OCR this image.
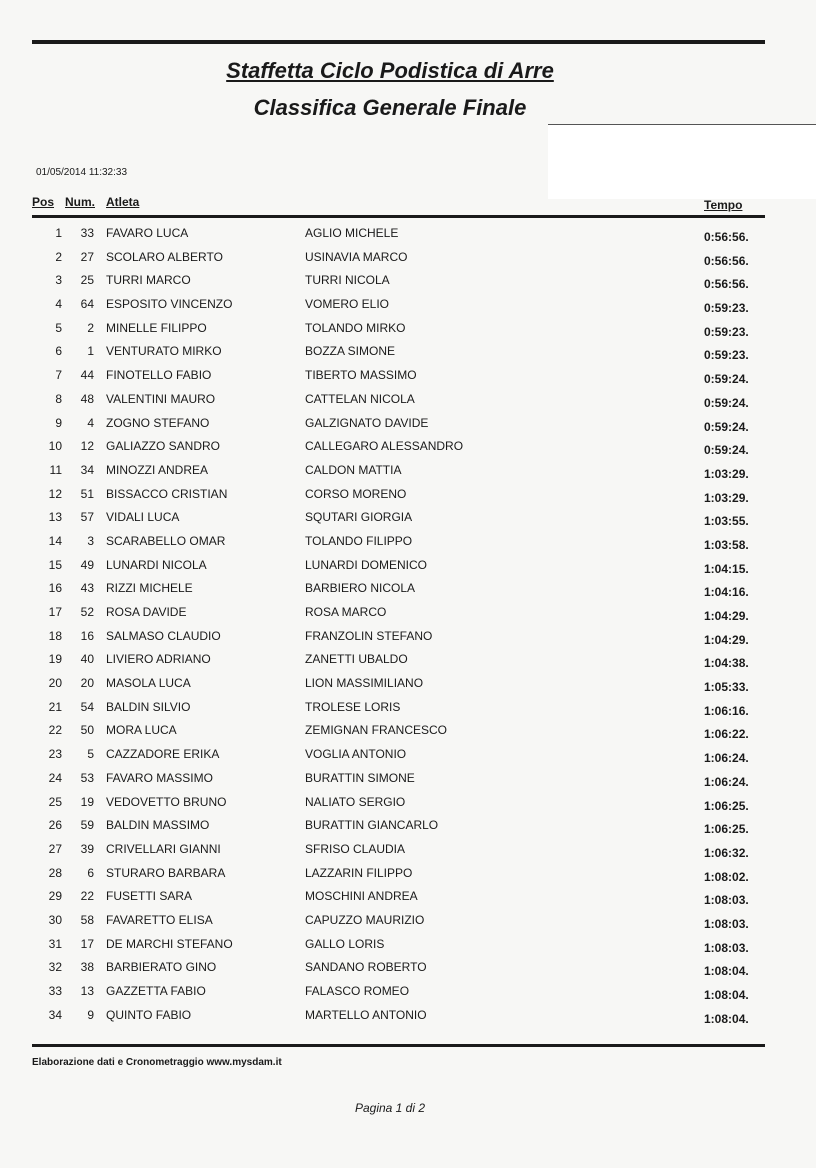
Staffetta Ciclo Podistica di Arre
Classifica Generale Finale
01/05/2014 11:32:33
Pos Num. Atleta	Tempo
1	33 FAVARO LUCA	AGLIO MICHELE	0:56:56.
2	27 SCOLARO ALBERTO	USINAVIA MARCO	0:56:56.
3	25 TURRI MARCO	TURRI NICOLA	0:56:56.
4	64 ESPOSITO VINCENZO	VOMERO ELIO	0:59:23.
5	2 MINELLE FILIPPO	TOLANDO MIRKO	0:59:23.
6	1 VENTURATO MIRKO	BOZZA SIMONE	0:59:23.
7	44 FINOTELLO FABIO	TIBERTO MASSIMO	0:59:24.
8	48 VALENTINI MAURO	CATTELAN NICOLA	0:59:24.
9	4 ZOGNO STEFANO	GALZIGNATO DAVIDE	0:59:24.
10	12 GALIAZZO SANDRO	CALLEGARO ALESSANDRO	0:59:24.
11	34 MINOZZI ANDREA	CALDON MATTIA	1:03:29.
12	51 BISSACCO CRISTIAN	CORSO MORENO	1:03:29.
13	57 VIDALI LUCA	SQUTARI GIORGIA	1:03:55.
14	3 SCARABELLO OMAR	TOLANDO FILIPPO	1:03:58.
15	49 LUNARDI NICOLA	LUNARDI DOMENICO	1:04:15.
16	43 RIZZI MICHELE	BARBIERO NICOLA	1:04:16.
17	52 ROSA DAVIDE	ROSA MARCO	1:04:29.
18	16 SALMASO CLAUDIO	FRANZOLIN STEFANO	1:04:29.
19	40 LIVIERO ADRIANO	ZANETTI UBALDO	1:04:38.
20	20 MASOLA LUCA	LION MASSIMILIANO	1:05:33.
21	54 BALDIN SILVIO	TROLESE LORIS	1:06:16.
22	50 MORA LUCA	ZEMIGNAN FRANCESCO	1:06:22.
23	5 CAZZADORE ERIKA	VOGLIA ANTONIO	1:06:24.
24	53 FAVARO MASSIMO	BURATTIN SIMONE	1:06:24.
25	19 VEDOVETTO BRUNO	NALIATO SERGIO	1:06:25.
26	59 BALDIN MASSIMO	BURATTIN GIANCARLO	1:06:25.
27	39 CRIVELLARI GIANNI	SFRISO CLAUDIA	1:06:32.
28	6 STURARO BARBARA	LAZZARIN FILIPPO	1:08:02.
29	22 FUSETTI SARA	MOSCHINI ANDREA	1:08:03.
30	58 FAVARETTO ELISA	CAPUZZO MAURIZIO	1:08:03.
31	17 DE MARCHI STEFANO	GALLO LORIS	1:08:03.
32	38 BARBIERATO GINO	SANDANO ROBERTO	1:08:04.
33	13 GAZZETTA FABIO	FALASCO ROMEO	1:08:04.
34	9 QUINTO FABIO	MARTELLO ANTONIO	1:08:04.
Elaborazione dati e Cronometraggio www.mysdam.it
Pagina 1 di 2
